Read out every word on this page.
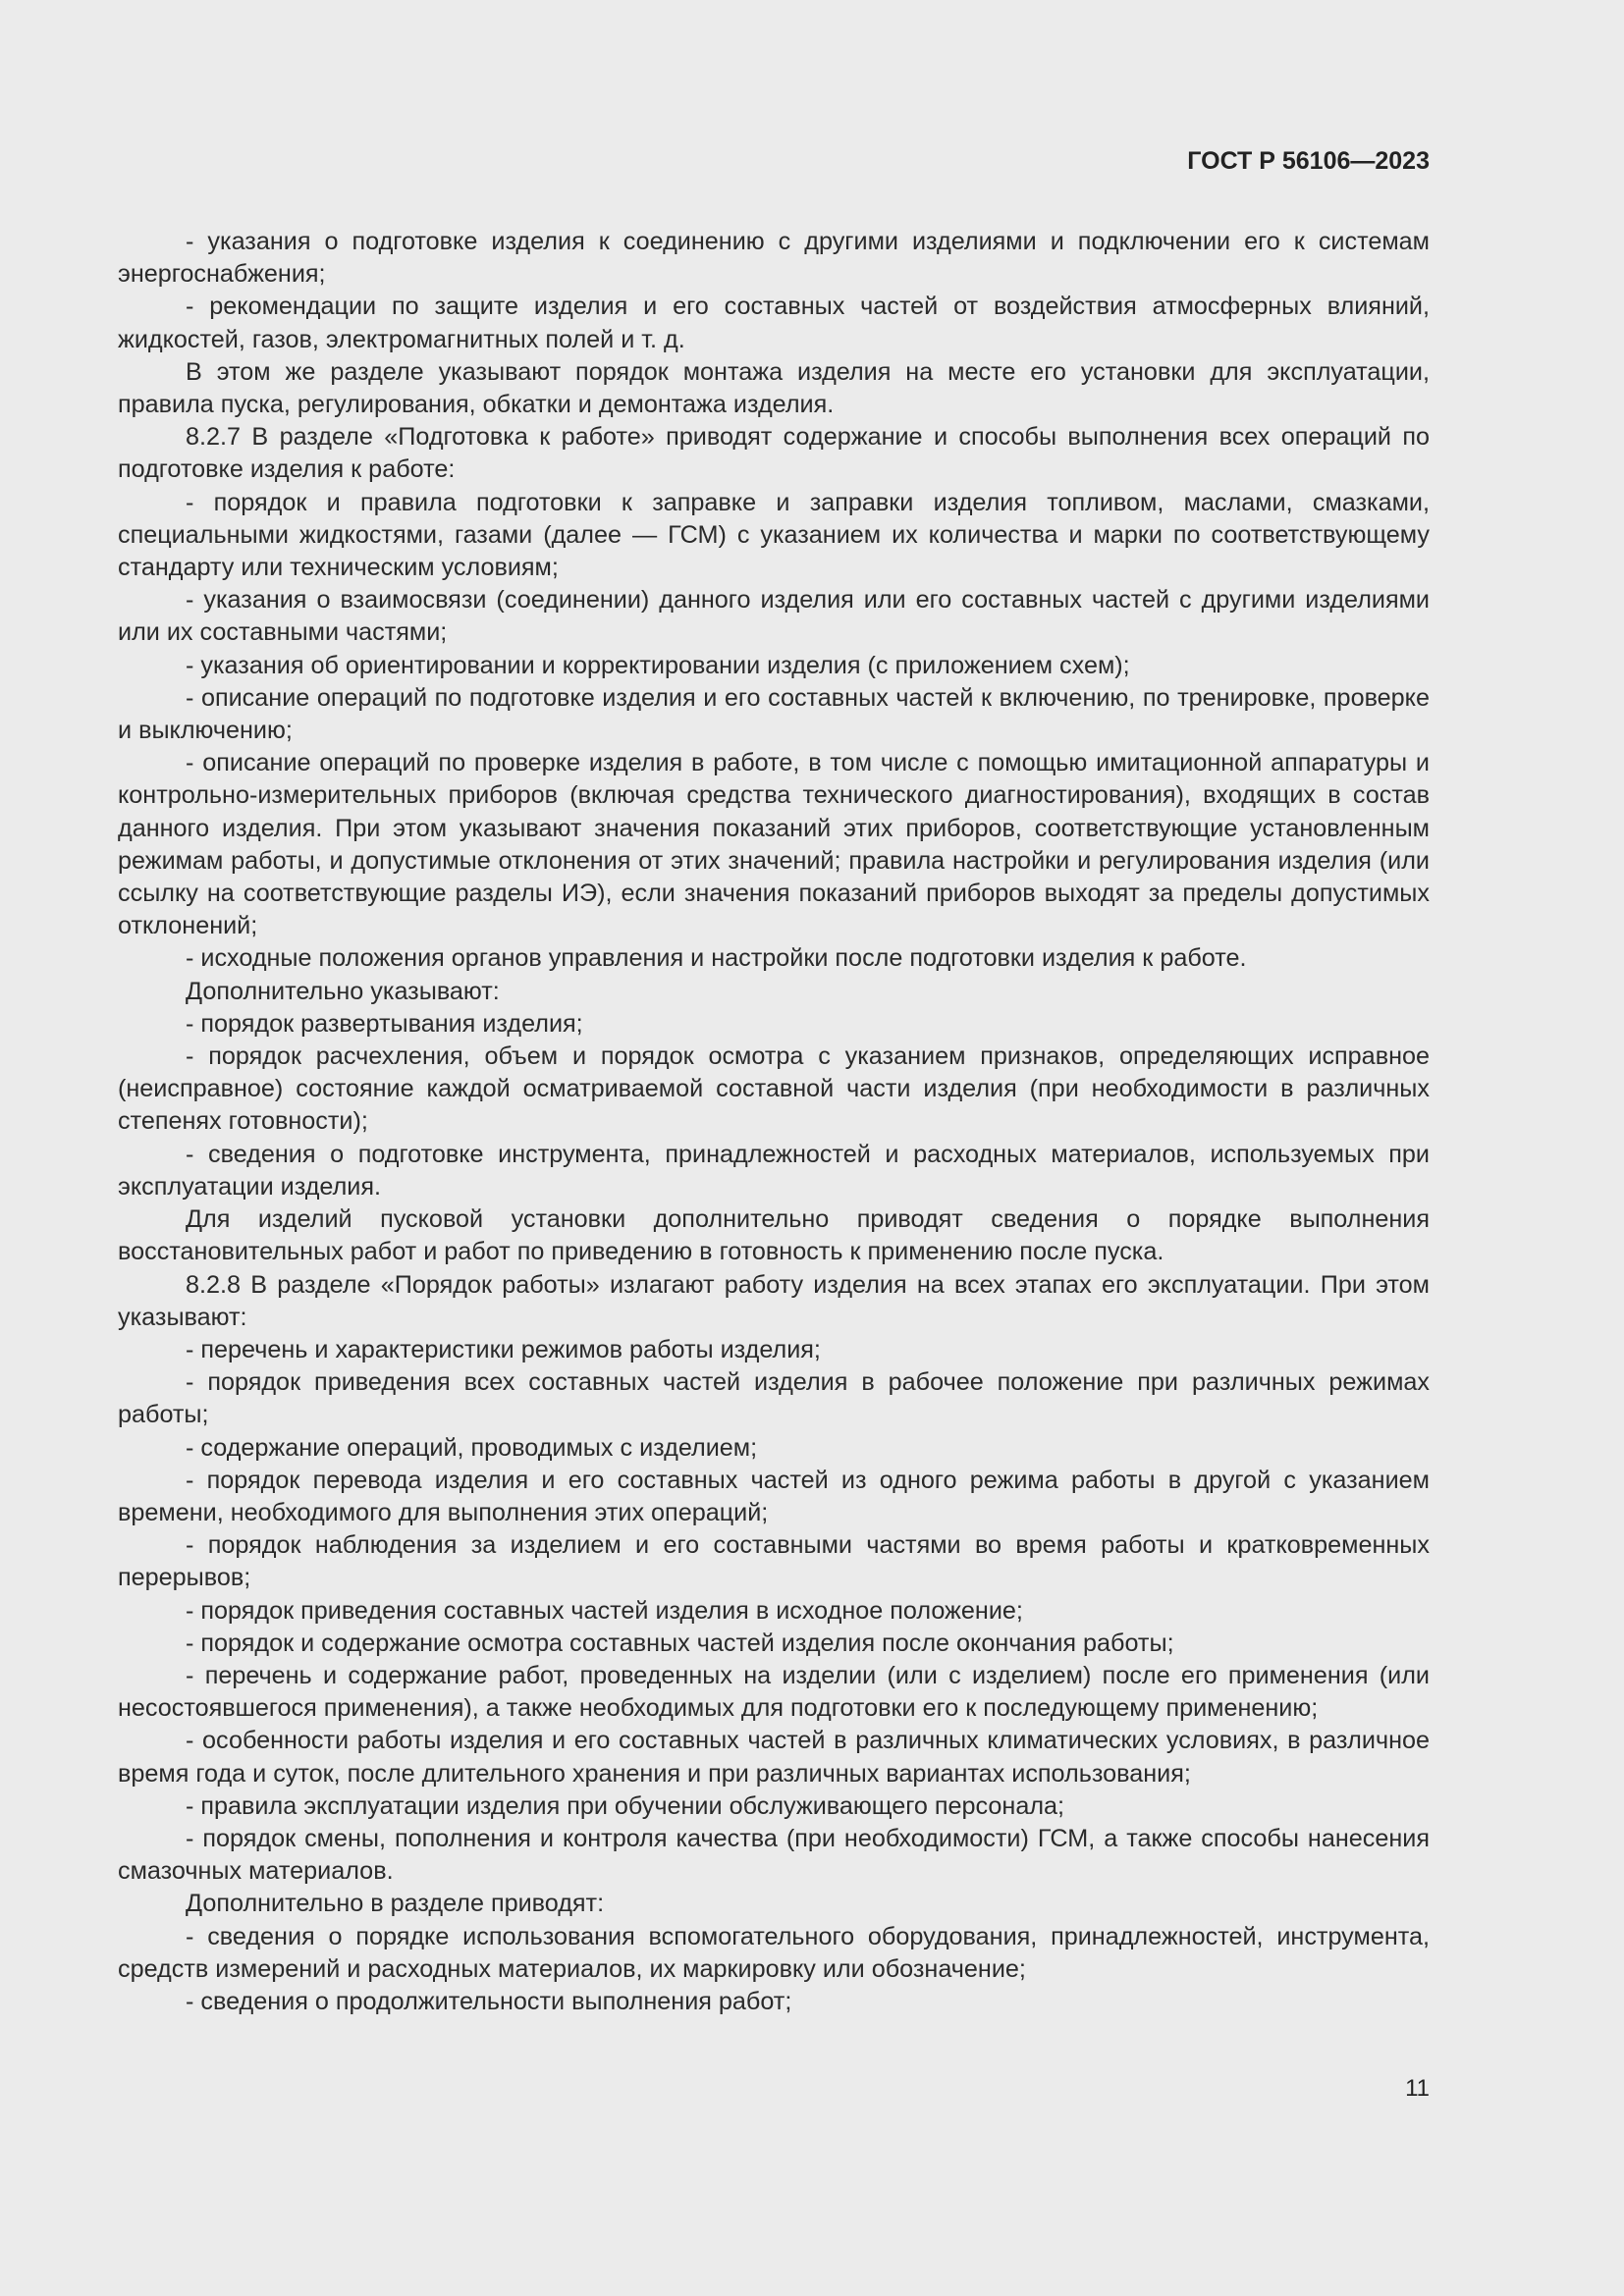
ГОСТ Р 56106—2023

- указания о подготовке изделия к соединению с другими изделиями и подключении его к системам энергоснабжения;

- рекомендации по защите изделия и его составных частей от воздействия атмосферных влияний, жидкостей, газов, электромагнитных полей и т. д.

В этом же разделе указывают порядок монтажа изделия на месте его установки для эксплуатации, правила пуска, регулирования, обкатки и демонтажа изделия.

8.2.7 В разделе «Подготовка к работе» приводят содержание и способы выполнения всех операций по подготовке изделия к работе:

- порядок и правила подготовки к заправке и заправки изделия топливом, маслами, смазками, специальными жидкостями, газами (далее — ГСМ) с указанием их количества и марки по соответствующему стандарту или техническим условиям;

- указания о взаимосвязи (соединении) данного изделия или его составных частей с другими изделиями или их составными частями;

- указания об ориентировании и корректировании изделия (с приложением схем);

- описание операций по подготовке изделия и его составных частей к включению, по тренировке, проверке и выключению;

- описание операций по проверке изделия в работе, в том числе с помощью имитационной аппаратуры и контрольно-измерительных приборов (включая средства технического диагностирования), входящих в состав данного изделия. При этом указывают значения показаний этих приборов, соответствующие установленным режимам работы, и допустимые отклонения от этих значений; правила настройки и регулирования изделия (или ссылку на соответствующие разделы ИЭ), если значения показаний приборов выходят за пределы допустимых отклонений;

- исходные положения органов управления и настройки после подготовки изделия к работе.

Дополнительно указывают:

- порядок развертывания изделия;

- порядок расчехления, объем и порядок осмотра с указанием признаков, определяющих исправное (неисправное) состояние каждой осматриваемой составной части изделия (при необходимости в различных степенях готовности);

- сведения о подготовке инструмента, принадлежностей и расходных материалов, используемых при эксплуатации изделия.

Для изделий пусковой установки дополнительно приводят сведения о порядке выполнения восстановительных работ и работ по приведению в готовность к применению после пуска.

8.2.8 В разделе «Порядок работы» излагают работу изделия на всех этапах его эксплуатации. При этом указывают:

- перечень и характеристики режимов работы изделия;

- порядок приведения всех составных частей изделия в рабочее положение при различных режимах работы;

- содержание операций, проводимых с изделием;

- порядок перевода изделия и его составных частей из одного режима работы в другой с указанием времени, необходимого для выполнения этих операций;

- порядок наблюдения за изделием и его составными частями во время работы и кратковременных перерывов;

- порядок приведения составных частей изделия в исходное положение;

- порядок и содержание осмотра составных частей изделия после окончания работы;

- перечень и содержание работ, проведенных на изделии (или с изделием) после его применения (или несостоявшегося применения), а также необходимых для подготовки его к последующему применению;

- особенности работы изделия и его составных частей в различных климатических условиях, в различное время года и суток, после длительного хранения и при различных вариантах использования;

- правила эксплуатации изделия при обучении обслуживающего персонала;

- порядок смены, пополнения и контроля качества (при необходимости) ГСМ, а также способы нанесения смазочных материалов.

Дополнительно в разделе приводят:

- сведения о порядке использования вспомогательного оборудования, принадлежностей, инструмента, средств измерений и расходных материалов, их маркировку или обозначение;

- сведения о продолжительности выполнения работ;

11
